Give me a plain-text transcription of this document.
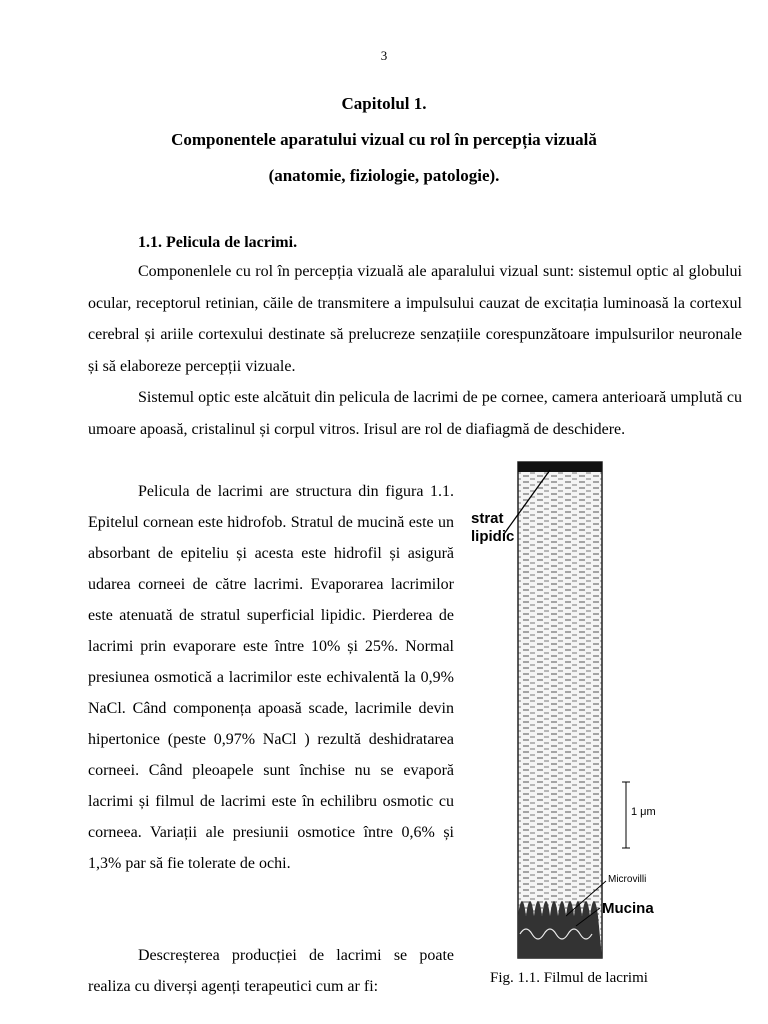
3
Capitolul 1.
Componentele aparatului vizual cu rol în percepția vizuală
(anatomie, fiziologie, patologie).
1.1. Pelicula de lacrimi.

Componenlele cu rol în percepția vizuală ale aparalului vizual sunt: sistemul optic al globului ocular, receptorul retinian, căile de transmitere a impulsului cauzat de excitația luminoasă la cortexul cerebral și ariile cortexului destinate să prelucreze senzațiile corespunzătoare impulsurilor neuronale și să elaboreze percepții vizuale.

Sistemul optic este alcătuit din pelicula de lacrimi de pe cornee, camera anterioară umplută cu umoare apoasă, cristalinul și corpul vitros. Irisul are rol de diafiagmă de deschidere.

Pelicula de lacrimi are structura din figura 1.1. Epitelul cornean este hidrofob. Stratul de mucină este un absorbant de epiteliu și acesta este hidrofil și asigură udarea corneei de către lacrimi. Evaporarea lacrimilor este atenuată de stratul superficial lipidic. Pierderea de lacrimi prin evaporare este între 10% și 25%. Normal presiunea osmotică a lacrimilor este echivalentă la 0,9% NaCl. Când componența apoasă scade, lacrimile devin hipertonice (peste 0,97% NaCl ) rezultă deshidratarea corneei. Când pleoapele sunt închise nu se evaporă lacrimi și filmul de lacrimi este în echilibru osmotic cu corneea. Variații ale presiunii osmotice între 0,6% și 1,3% par să fie tolerate de ochi.

Descreșterea producției de lacrimi se poate realiza cu diverși agenți terapeutici cum ar fi:

strat
lipidic
1 μm
Microvilli
Mucina
Fig. 1.1. Filmul de lacrimi
